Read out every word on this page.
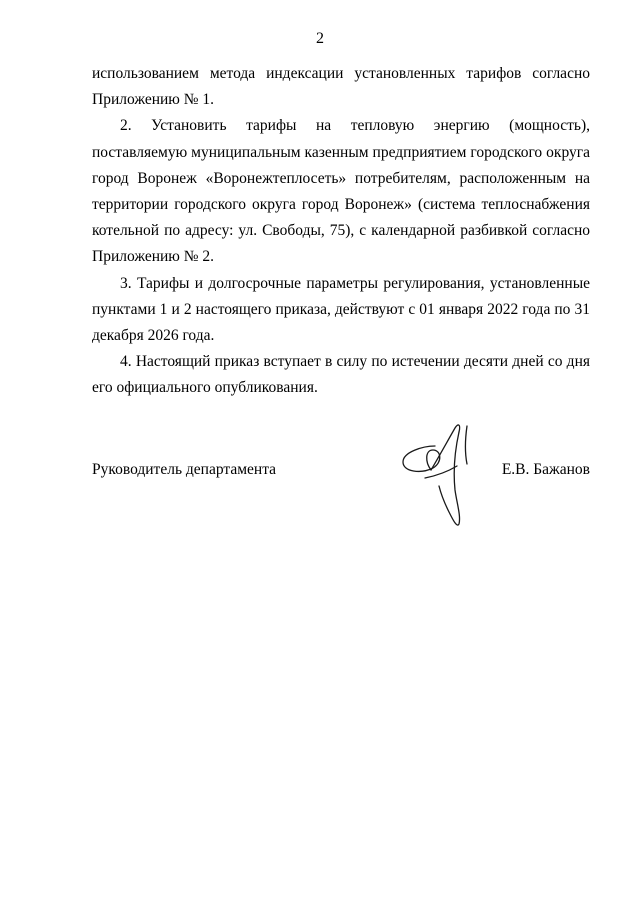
2

использованием метода индексации установленных тарифов согласно Приложению № 1.

2. Установить тарифы на тепловую энергию (мощность), поставляемую муниципальным казенным предприятием городского округа город Воронеж «Воронежтеплосеть» потребителям, расположенным на территории городского округа город Воронеж» (система теплоснабжения котельной по адресу: ул. Свободы, 75), с календарной разбивкой согласно Приложению № 2.

3. Тарифы и долгосрочные параметры регулирования, установленные пунктами 1 и 2 настоящего приказа, действуют с 01 января 2022 года по 31 декабря 2026 года.

4. Настоящий приказ вступает в силу по истечении десяти дней со дня его официального опубликования.

Руководитель департамента	Е.В. Бажанов
